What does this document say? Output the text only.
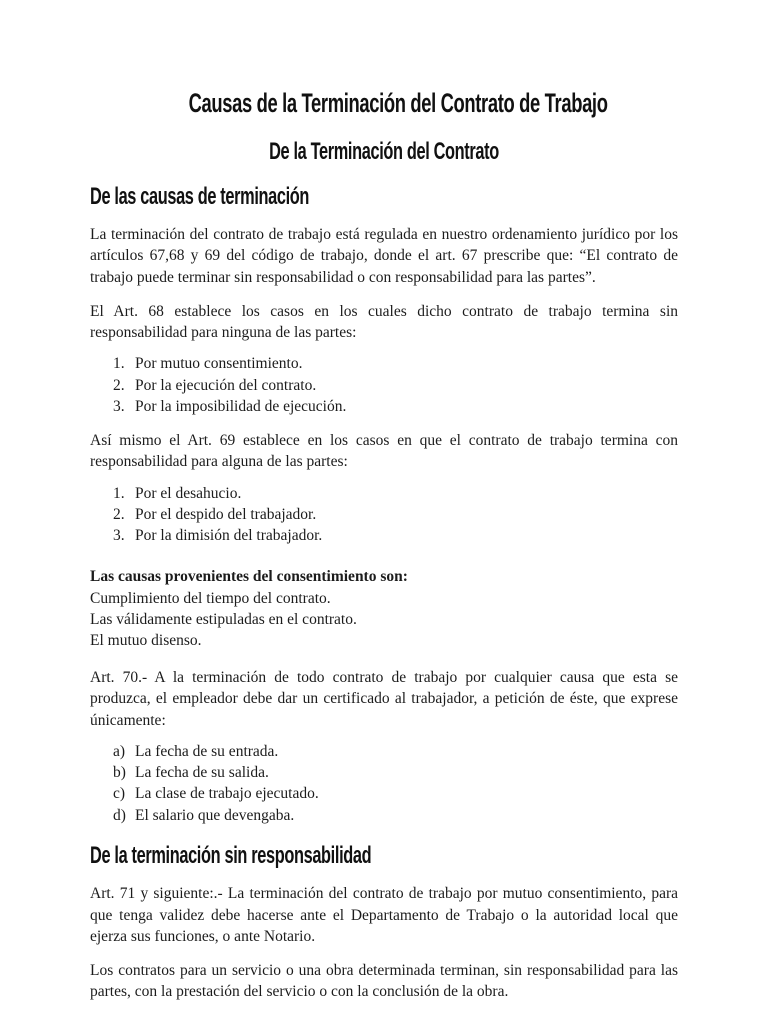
Causas de la Terminación del Contrato de Trabajo
De la Terminación del Contrato
De las causas de terminación

La terminación del contrato de trabajo está regulada en nuestro ordenamiento jurídico por los artículos 67,68 y 69 del código de trabajo, donde el art. 67 prescribe que: “El contrato de trabajo puede terminar sin responsabilidad o con responsabilidad para las partes”.

El Art. 68 establece los casos en los cuales dicho contrato de trabajo termina sin responsabilidad para ninguna de las partes:

1. Por mutuo consentimiento.
2. Por la ejecución del contrato.
3. Por la imposibilidad de ejecución.

Así mismo el Art. 69 establece en los casos en que el contrato de trabajo termina con responsabilidad para alguna de las partes:

1. Por el desahucio.
2. Por el despido del trabajador.
3. Por la dimisión del trabajador.

Las causas provenientes del consentimiento son:

Cumplimiento del tiempo del contrato.

Las válidamente estipuladas en el contrato.

El mutuo disenso.

Art. 70.- A la terminación de todo contrato de trabajo por cualquier causa que esta se produzca, el empleador debe dar un certificado al trabajador, a petición de éste, que exprese únicamente:

a) La fecha de su entrada.
b) La fecha de su salida.
c) La clase de trabajo ejecutado.
d) El salario que devengaba.
De la terminación sin responsabilidad

Art. 71 y siguiente:.- La terminación del contrato de trabajo por mutuo consentimiento, para que tenga validez debe hacerse ante el Departamento de Trabajo o la autoridad local que ejerza sus funciones, o ante Notario.

Los contratos para un servicio o una obra determinada terminan, sin responsabilidad para las partes, con la prestación del servicio o con la conclusión de la obra.
